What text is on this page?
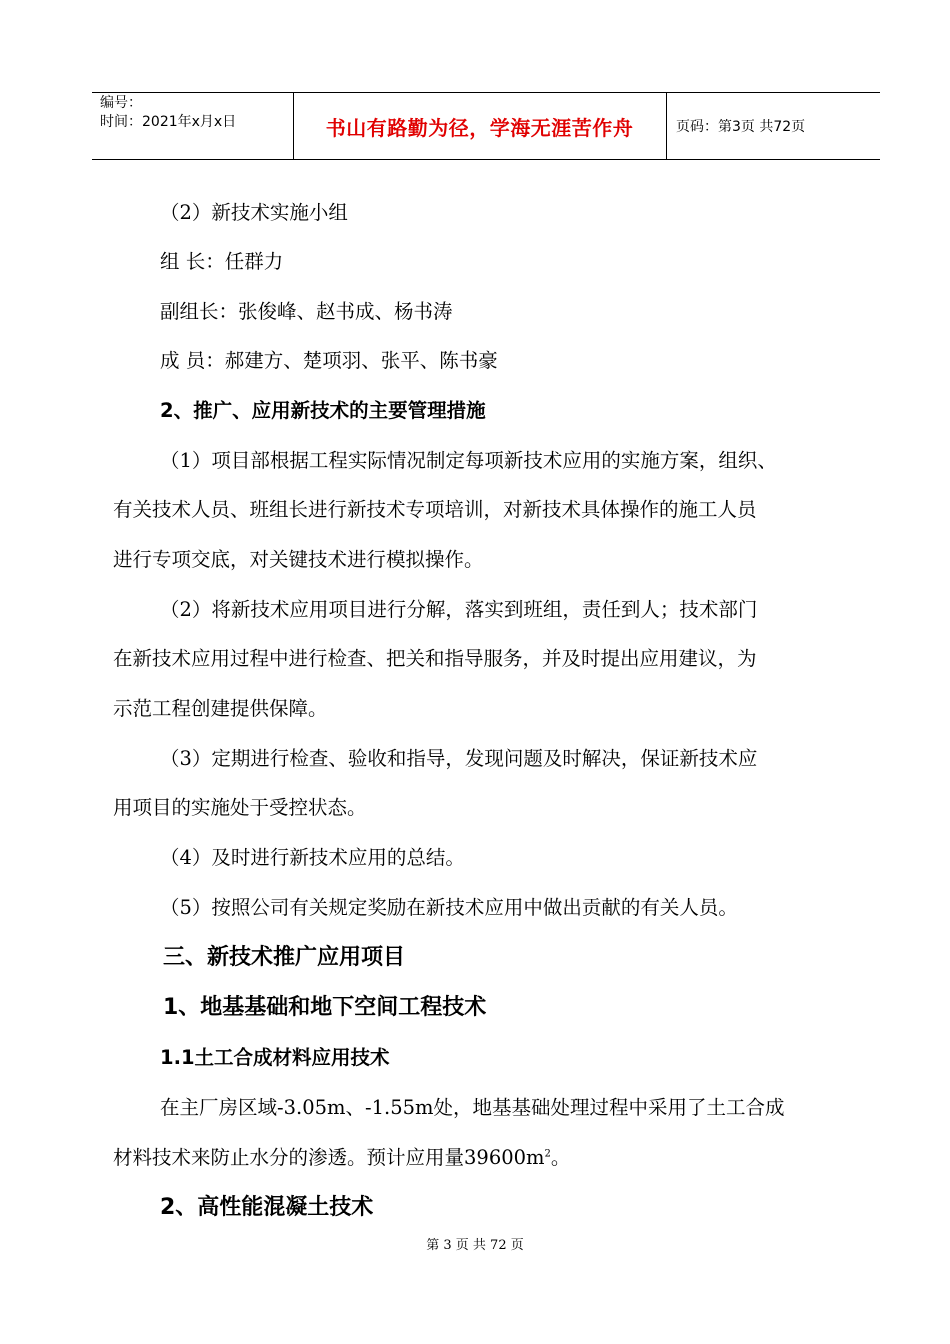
编号：
时间：2021年x月x日	书山有路勤为径，学海无涯苦作舟	页码：第3页 共72页
（2）新技术实施小组
组 长：任群力
副组长：张俊峰、赵书成、杨书涛
成 员：郝建方、楚项羽、张平、陈书豪
2、推广、应用新技术的主要管理措施
（1）项目部根据工程实际情况制定每项新技术应用的实施方案，组织、
有关技术人员、班组长进行新技术专项培训，对新技术具体操作的施工人员
进行专项交底，对关键技术进行模拟操作。
（2）将新技术应用项目进行分解，落实到班组，责任到人；技术部门
在新技术应用过程中进行检查、把关和指导服务，并及时提出应用建议，为
示范工程创建提供保障。
（3）定期进行检查、验收和指导，发现问题及时解决，保证新技术应
用项目的实施处于受控状态。
（4）及时进行新技术应用的总结。
（5）按照公司有关规定奖励在新技术应用中做出贡献的有关人员。
三、新技术推广应用项目
1、地基基础和地下空间工程技术
1.1土工合成材料应用技术
在主厂房区域-3.05m、-1.55m处，地基基础处理过程中采用了土工合成
材料技术来防止水分的渗透。预计应用量$39600m^2$。
2、高性能混凝土技术
第 3 页 共 72 页
